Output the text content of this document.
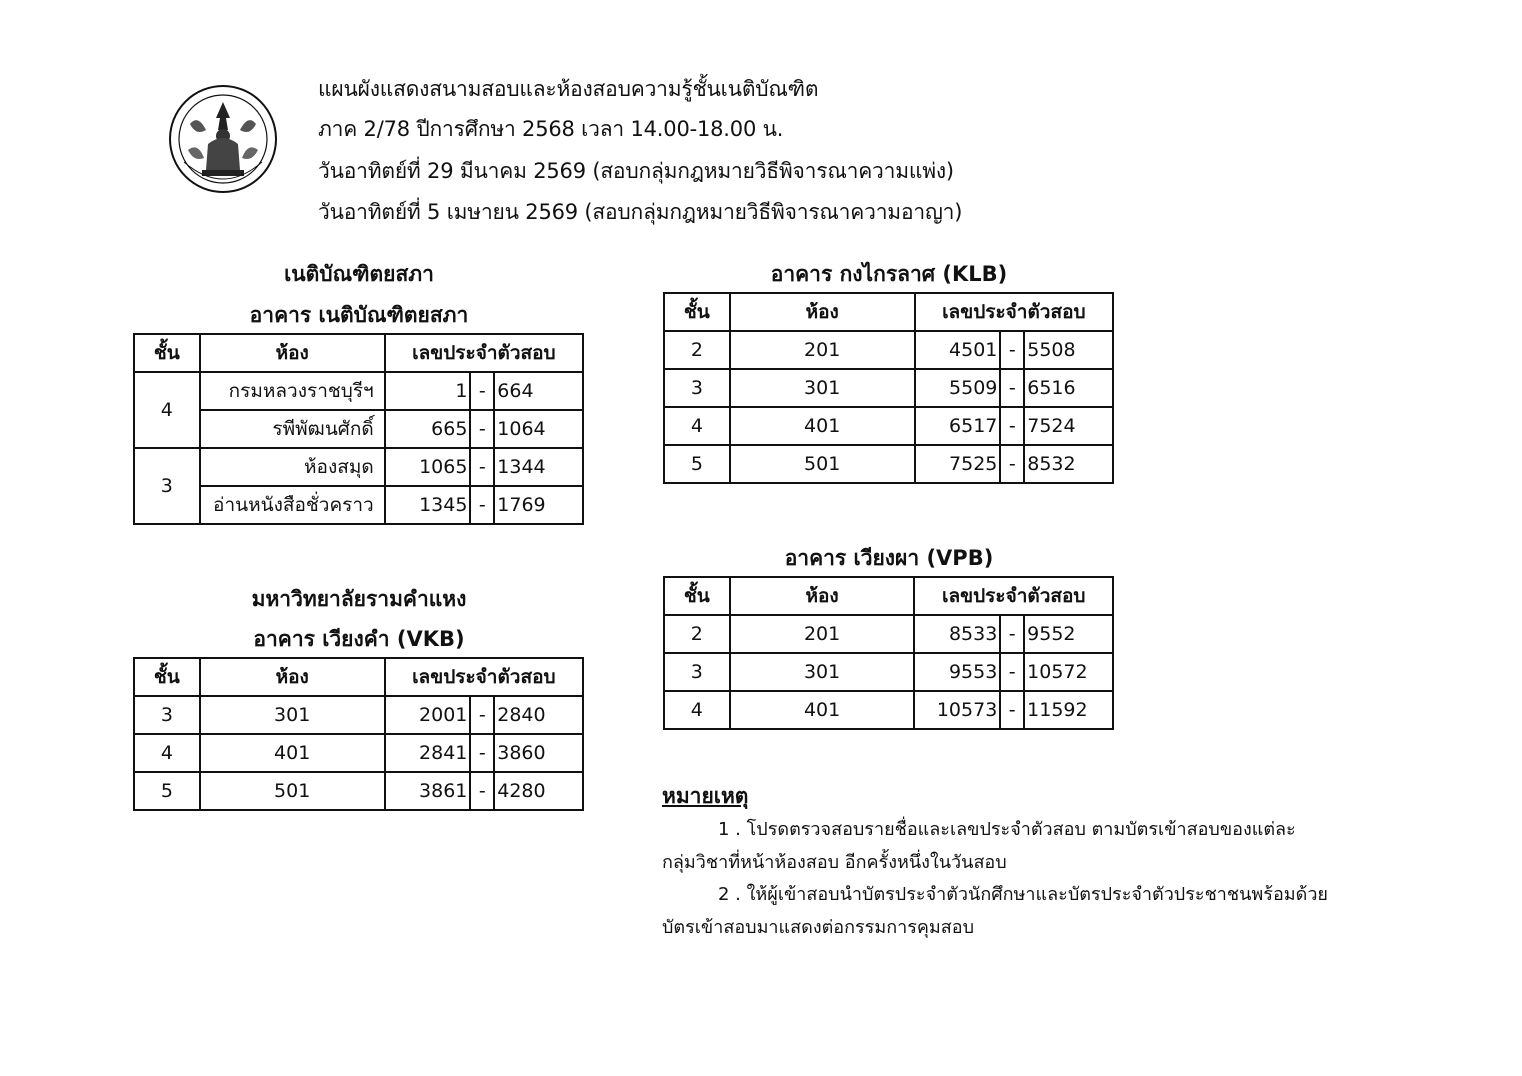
แผนผังแสดงสนามสอบและห้องสอบความรู้ชั้นเนติบัณฑิต
ภาค 2/78 ปีการศึกษา 2568 เวลา 14.00-18.00 น.
วันอาทิตย์ที่ 29 มีนาคม 2569 (สอบกลุ่มกฎหมายวิธีพิจารณาความแพ่ง)
วันอาทิตย์ที่ 5 เมษายน 2569 (สอบกลุ่มกฎหมายวิธีพิจารณาความอาญา)
เนติบัณฑิตยสภา
อาคาร เนติบัณฑิตยสภา
ชั้น	ห้อง	เลขประจำตัวสอบ		
4	กรมหลวงราชบุรีฯ	1	-	664
	รพีพัฒนศักดิ์	665	-	1064
3	ห้องสมุด	1065	-	1344
	อ่านหนังสือชั่วคราว	1345	-	1769
มหาวิทยาลัยรามคำแหง
อาคาร เวียงคำ (VKB)
ชั้น	ห้อง	เลขประจำตัวสอบ		
3	301	2001	-	2840
4	401	2841	-	3860
5	501	3861	-	4280
อาคาร กงไกรลาศ (KLB)
ชั้น	ห้อง	เลขประจำตัวสอบ		
2	201	4501	-	5508
3	301	5509	-	6516
4	401	6517	-	7524
5	501	7525	-	8532
อาคาร เวียงผา (VPB)
ชั้น	ห้อง	เลขประจำตัวสอบ		
2	201	8533	-	9552
3	301	9553	-	10572
4	401	10573	-	11592
หมายเหตุ
1 . โปรดตรวจสอบรายชื่อและเลขประจำตัวสอบ ตามบัตรเข้าสอบของแต่ละ
กลุ่มวิชาที่หน้าห้องสอบ อีกครั้งหนึ่งในวันสอบ
2 . ให้ผู้เข้าสอบนำบัตรประจำตัวนักศึกษาและบัตรประจำตัวประชาชนพร้อมด้วย
บัตรเข้าสอบมาแสดงต่อกรรมการคุมสอบ
